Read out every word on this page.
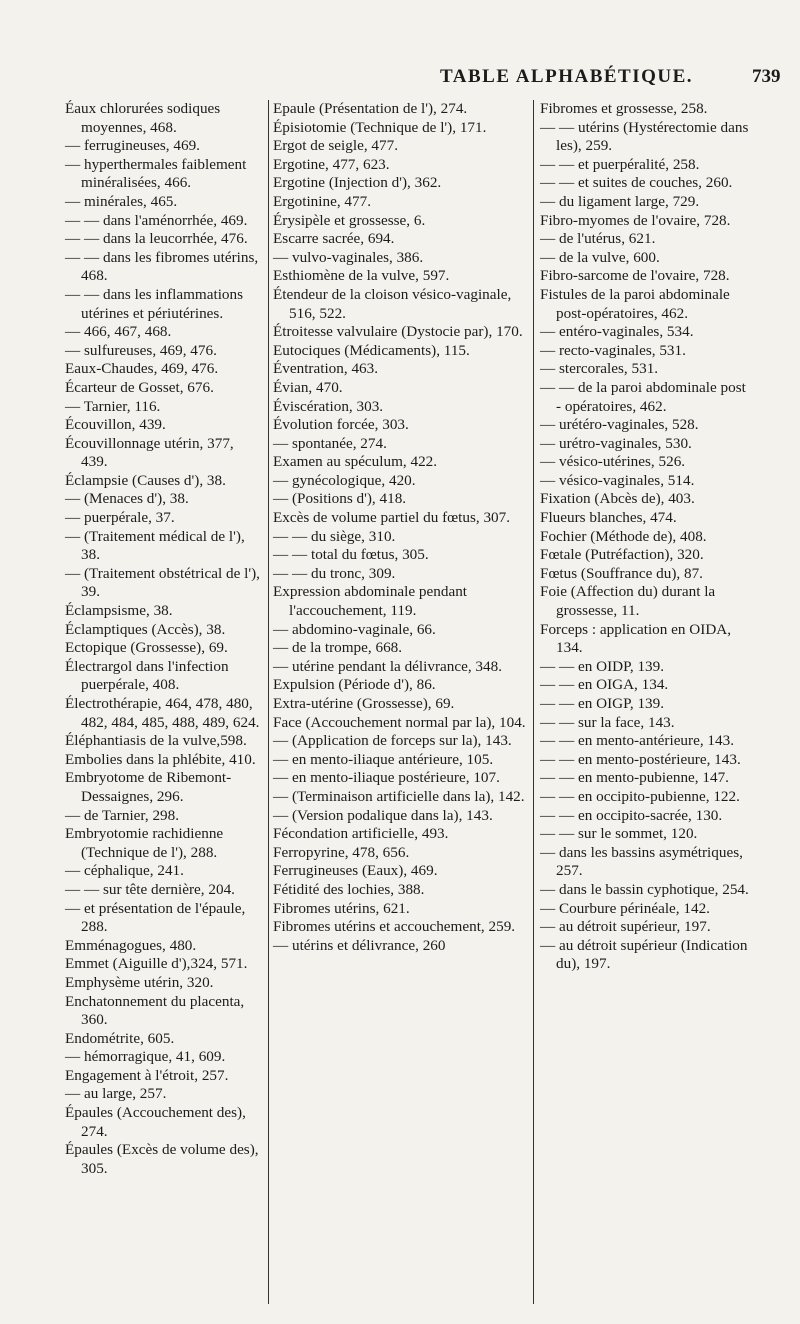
TABLE ALPHABÉTIQUE.	739

Éaux chlorurées sodiques moyennes, 468.

— ferrugineuses, 469.

— hyperthermales faiblement minéralisées, 466.

— minérales, 465.

— — dans l'aménorrhée, 469.

— — dans la leucorrhée, 476.

— — dans les fibromes utérins, 468.

— — dans les inflammations utérines et périutérines.

— 466, 467, 468.

— sulfureuses, 469, 476.

Eaux-Chaudes, 469, 476.

Écarteur de Gosset, 676.

— Tarnier, 116.

Écouvillon, 439.

Écouvillonnage utérin, 377, 439.

Éclampsie (Causes d'), 38.

— (Menaces d'), 38.

— puerpérale, 37.

— (Traitement médical de l'), 38.

— (Traitement obstétrical de l'), 39.

Éclampsisme, 38.

Éclamptiques (Accès), 38.

Ectopique (Grossesse), 69.

Électrargol dans l'infection puerpérale, 408.

Électrothérapie, 464, 478, 480, 482, 484, 485, 488, 489, 624.

Éléphantiasis de la vulve,598.

Embolies dans la phlébite, 410.

Embryotome de Ribemont-Dessaignes, 296.

— de Tarnier, 298.

Embryotomie rachidienne (Technique de l'), 288.

— céphalique, 241.

— — sur tête dernière, 204.

— et présentation de l'épaule, 288.

Emménagogues, 480.

Emmet (Aiguille d'),324, 571.

Emphysème utérin, 320.

Enchatonnement du placenta, 360.

Endométrite, 605.

— hémorragique, 41, 609.

Engagement à l'étroit, 257.

— au large, 257.

Épaules (Accouchement des), 274.

Épaules (Excès de volume des), 305.

Epaule (Présentation de l'), 274.

Épisiotomie (Technique de l'), 171.

Ergot de seigle, 477.

Ergotine, 477, 623.

Ergotine (Injection d'), 362.

Ergotinine, 477.

Érysipèle et grossesse, 6.

Escarre sacrée, 694.

— vulvo-vaginales, 386.

Esthiomène de la vulve, 597.

Étendeur de la cloison vésico-vaginale, 516, 522.

Étroitesse valvulaire (Dystocie par), 170.

Eutociques (Médicaments), 115.

Éventration, 463.

Évian, 470.

Éviscération, 303.

Évolution forcée, 303.

— spontanée, 274.

Examen au spéculum, 422.

— gynécologique, 420.

— (Positions d'), 418.

Excès de volume partiel du fœtus, 307.

— — du siège, 310.

— — total du fœtus, 305.

— — du tronc, 309.

Expression abdominale pendant l'accouchement, 119.

— abdomino-vaginale, 66.

— de la trompe, 668.

— utérine pendant la délivrance, 348.

Expulsion (Période d'), 86.

Extra-utérine (Grossesse), 69.

Face (Accouchement normal par la), 104.

— (Application de forceps sur la), 143.

— en mento-iliaque antérieure, 105.

— en mento-iliaque postérieure, 107.

— (Terminaison artificielle dans la), 142.

— (Version podalique dans la), 143.

Fécondation artificielle, 493.

Ferropyrine, 478, 656.

Ferrugineuses (Eaux), 469.

Fétidité des lochies, 388.

Fibromes utérins, 621.

Fibromes utérins et accouchement, 259.

— utérins et délivrance, 260

Fibromes et grossesse, 258.

— — utérins (Hystérectomie dans les), 259.

— — et puerpéralité, 258.

— — et suites de couches, 260.

— du ligament large, 729.

Fibro-myomes de l'ovaire, 728.

— de l'utérus, 621.

— de la vulve, 600.

Fibro-sarcome de l'ovaire, 728.

Fistules de la paroi abdominale post-opératoires, 462.

— entéro-vaginales, 534.

— recto-vaginales, 531.

— stercorales, 531.

— — de la paroi abdominale post - opératoires, 462.

— urétéro-vaginales, 528.

— urétro-vaginales, 530.

— vésico-utérines, 526.

— vésico-vaginales, 514.

Fixation (Abcès de), 403.

Flueurs blanches, 474.

Fochier (Méthode de), 408.

Fœtale (Putréfaction), 320.

Fœtus (Souffrance du), 87.

Foie (Affection du) durant la grossesse, 11.

Forceps : application en OIDA, 134.

— — en OIDP, 139.

— — en OIGA, 134.

— — en OIGP, 139.

— — sur la face, 143.

— — en mento-antérieure, 143.

— — en mento-postérieure, 143.

— — en mento-pubienne, 147.

— — en occipito-pubienne, 122.

— — en occipito-sacrée, 130.

— — sur le sommet, 120.

— dans les bassins asymétriques, 257.

— dans le bassin cyphotique, 254.

— Courbure périnéale, 142.

— au détroit supérieur, 197.

— au détroit supérieur (Indication du), 197.
